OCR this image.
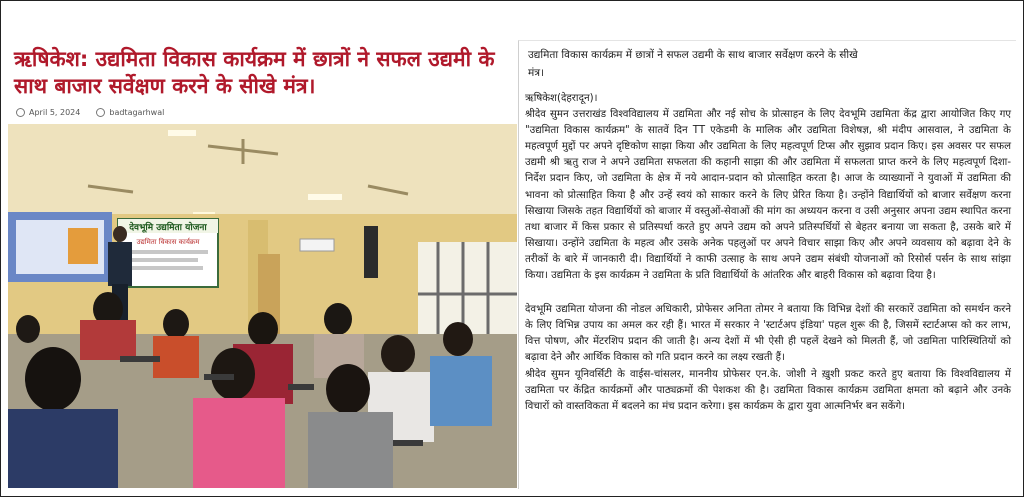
ऋषिकेश: उद्यमिता विकास कार्यक्रम में छात्रों ने सफल उद्यमी के साथ बाजार सर्वेक्षण करने के सीखे मंत्र।
April 5, 2024	badtagarhwal
देवभूमि उद्यमिता योजना
उद्यमिता विकास कार्यक्रम
उद्यमिता विकास कार्यक्रम में छात्रों ने सफल उद्यमी के साथ बाजार सर्वेक्षण करने के सीखे मंत्र।

ऋषिकेश(देहरादून)।

श्रीदेव सुमन उत्तराखंड विश्वविद्यालय में उद्यमिता और नई सोच के प्रोत्साहन के लिए देवभूमि उद्यमिता केंद्र द्वारा आयोजित किए गए "उद्यमिता विकास कार्यक्रम" के सातवें दिन TT एकेडमी के मालिक और उद्यमिता विशेषज्ञ, श्री मंदीप आसवाल, ने उद्यमिता के महत्वपूर्ण मुद्दों पर अपने दृष्टिकोण साझा किया और उद्यमिता के लिए महत्वपूर्ण टिप्स और सुझाव प्रदान किए। इस अवसर पर सफल उद्यमी श्री ऋतु राज ने अपने उद्यमिता सफलता की कहानी साझा की और उद्यमिता में सफलता प्राप्त करने के लिए महत्वपूर्ण दिशा-निर्देश प्रदान किए, जो उद्यमिता के क्षेत्र में नये आदान-प्रदान को प्रोत्साहित करता है। आज के व्याख्यानों ने युवाओं में उद्यमिता की भावना को प्रोत्साहित किया है और उन्हें स्वयं को साकार करने के लिए प्रेरित किया है। उन्होंने विद्यार्थियों को बाजार सर्वेक्षण करना सिखाया जिसके तहत विद्यार्थियों को बाजार में वस्तुओं-सेवाओं की मांग का अध्ययन करना व उसी अनुसार अपना उद्यम स्थापित करना तथा बाजार में किस प्रकार से प्रतिस्पर्धा करते हुए अपने उद्यम को अपने प्रतिस्पर्धियों से बेहतर बनाया जा सकता है, उसके बारे में सिखाया। उन्होंने उद्यमिता के महत्व और उसके अनेक पहलुओं पर अपने विचार साझा किए और अपने व्यवसाय को बढ़ावा देने के तरीकों के बारे में जानकारी दी। विद्यार्थियों ने काफी उत्साह के साथ अपने उद्यम संबंधी योजनाओं को रिसोर्स पर्सन के साथ सांझा किया। उद्यमिता के इस कार्यक्रम ने उद्यमिता के प्रति विद्यार्थियों के आंतरिक और बाहरी विकास को बढ़ावा दिया है।

देवभूमि उद्यमिता योजना की नोडल अधिकारी, प्रोफेसर अनिता तोमर ने बताया कि विभिन्न देशों की सरकारें उद्यमिता को समर्थन करने के लिए विभिन्न उपाय का अमल कर रही हैं। भारत में सरकार ने 'स्टार्टअप इंडिया' पहल शुरू की है, जिसमें स्टार्टअप्स को कर लाभ, वित्त पोषण, और मेंटरशिप प्रदान की जाती है। अन्य देशों में भी ऐसी ही पहलें देखने को मिलती हैं, जो उद्यमिता पारिस्थितियों को बढ़ावा देने और आर्थिक विकास को गति प्रदान करने का लक्ष्य रखती हैं।

श्रीदेव सुमन यूनिवर्सिटी के वाईस-चांसलर, माननीय प्रोफेसर एन.के. जोशी ने ख़ुशी प्रकट करते हुए बताया कि विश्वविद्यालय में उद्यमिता पर केंद्रित कार्यक्रमों और पाठ्यक्रमों की पेशकश की है। उद्यमिता विकास कार्यक्रम उद्यमिता क्षमता को बढ़ाने और उनके विचारों को वास्तविकता में बदलने का मंच प्रदान करेगा। इस कार्यक्रम के द्वारा युवा आत्मनिर्भर बन सकेंगे।
